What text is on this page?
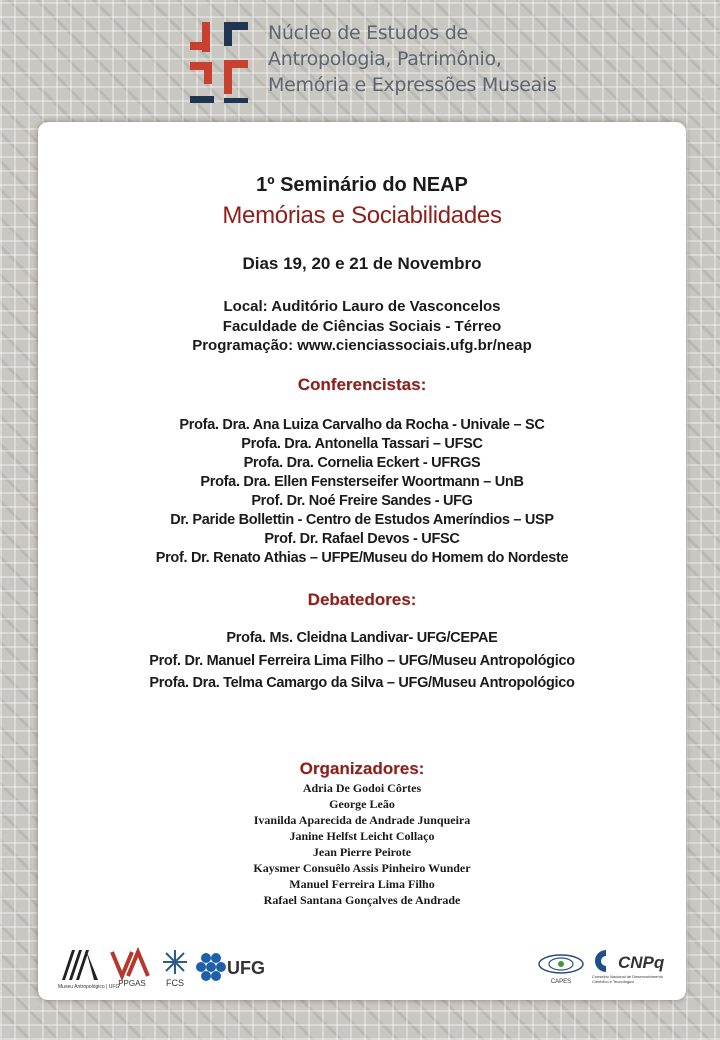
Núcleo de Estudos de
Antropologia, Patrimônio,
Memória e Expressões Museais
1º Seminário do NEAP
Memórias e Sociabilidades
Dias 19, 20 e 21 de Novembro
Local: Auditório Lauro de Vasconcelos
Faculdade de Ciências Sociais - Térreo
Programação: www.cienciassociais.ufg.br/neap
Conferencistas:
Profa. Dra. Ana Luiza Carvalho da Rocha - Univale – SC
Profa. Dra. Antonella Tassari – UFSC
Profa. Dra. Cornelia Eckert - UFRGS
Profa. Dra. Ellen Fensterseifer Woortmann – UnB
Prof. Dr. Noé Freire Sandes - UFG
Dr. Paride Bollettin - Centro de Estudos Ameríndios – USP
Prof. Dr. Rafael Devos - UFSC
Prof. Dr. Renato Athias – UFPE/Museu do Homem do Nordeste
Debatedores:
Profa. Ms. Cleidna Landivar- UFG/CEPAE
Prof. Dr. Manuel Ferreira Lima Filho – UFG/Museu Antropológico
Profa. Dra. Telma Camargo da Silva – UFG/Museu Antropológico
Organizadores:
Adria De Godoi Côrtes
George Leão
Ivanilda Aparecida de Andrade Junqueira
Janine Helfst Leicht Collaço
Jean Pierre Peirote
Kaysmer Consuêlo Assis Pinheiro Wunder
Manuel Ferreira Lima Filho
Rafael Santana Gonçalves de Andrade
Museu Antropológico | UFG
PPGAS FCS
UFG
CAPES
CNPq
Conselho Nacional de Desenvolvimento
Científico e Tecnológico
